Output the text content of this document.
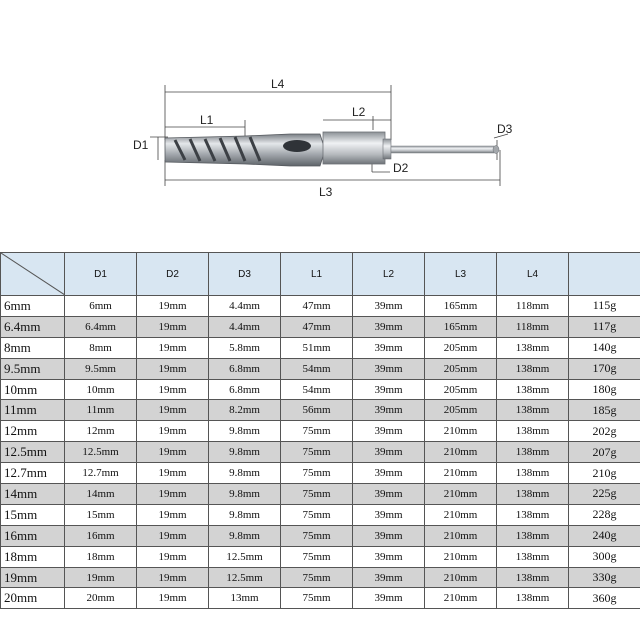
L4
L1
L2
D1
D2
D3
L3
	D1	D2	D3	L1	L2	L3	L4	
6mm	6mm	19mm	4.4mm	47mm	39mm	165mm	118mm	115g
6.4mm	6.4mm	19mm	4.4mm	47mm	39mm	165mm	118mm	117g
8mm	8mm	19mm	5.8mm	51mm	39mm	205mm	138mm	140g
9.5mm	9.5mm	19mm	6.8mm	54mm	39mm	205mm	138mm	170g
10mm	10mm	19mm	6.8mm	54mm	39mm	205mm	138mm	180g
11mm	11mm	19mm	8.2mm	56mm	39mm	205mm	138mm	185g
12mm	12mm	19mm	9.8mm	75mm	39mm	210mm	138mm	202g
12.5mm	12.5mm	19mm	9.8mm	75mm	39mm	210mm	138mm	207g
12.7mm	12.7mm	19mm	9.8mm	75mm	39mm	210mm	138mm	210g
14mm	14mm	19mm	9.8mm	75mm	39mm	210mm	138mm	225g
15mm	15mm	19mm	9.8mm	75mm	39mm	210mm	138mm	228g
16mm	16mm	19mm	9.8mm	75mm	39mm	210mm	138mm	240g
18mm	18mm	19mm	12.5mm	75mm	39mm	210mm	138mm	300g
19mm	19mm	19mm	12.5mm	75mm	39mm	210mm	138mm	330g
20mm	20mm	19mm	13mm	75mm	39mm	210mm	138mm	360g
